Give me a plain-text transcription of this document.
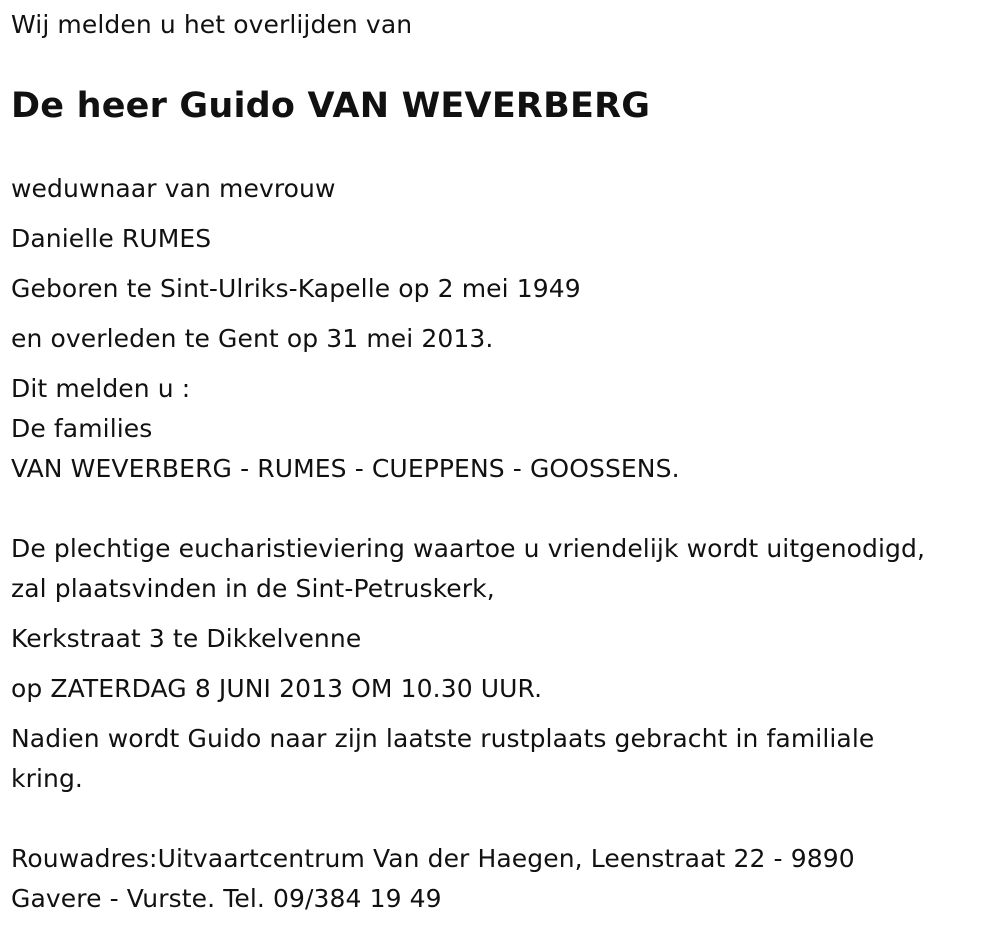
Wij melden u het overlijden van
De heer Guido VAN WEVERBERG
weduwnaar van mevrouw
Danielle RUMES
Geboren te Sint-Ulriks-Kapelle op 2 mei 1949
en overleden te Gent op 31 mei 2013.
Dit melden u :
De families
VAN WEVERBERG - RUMES - CUEPPENS - GOOSSENS.
De plechtige eucharistieviering waartoe u vriendelijk wordt uitgenodigd,
zal plaatsvinden in de Sint-Petruskerk,
Kerkstraat 3 te Dikkelvenne
op ZATERDAG 8 JUNI 2013 OM 10.30 UUR.
Nadien wordt Guido naar zijn laatste rustplaats gebracht in familiale
kring.
Rouwadres:Uitvaartcentrum Van der Haegen, Leenstraat 22 - 9890
Gavere - Vurste. Tel. 09/384 19 49
